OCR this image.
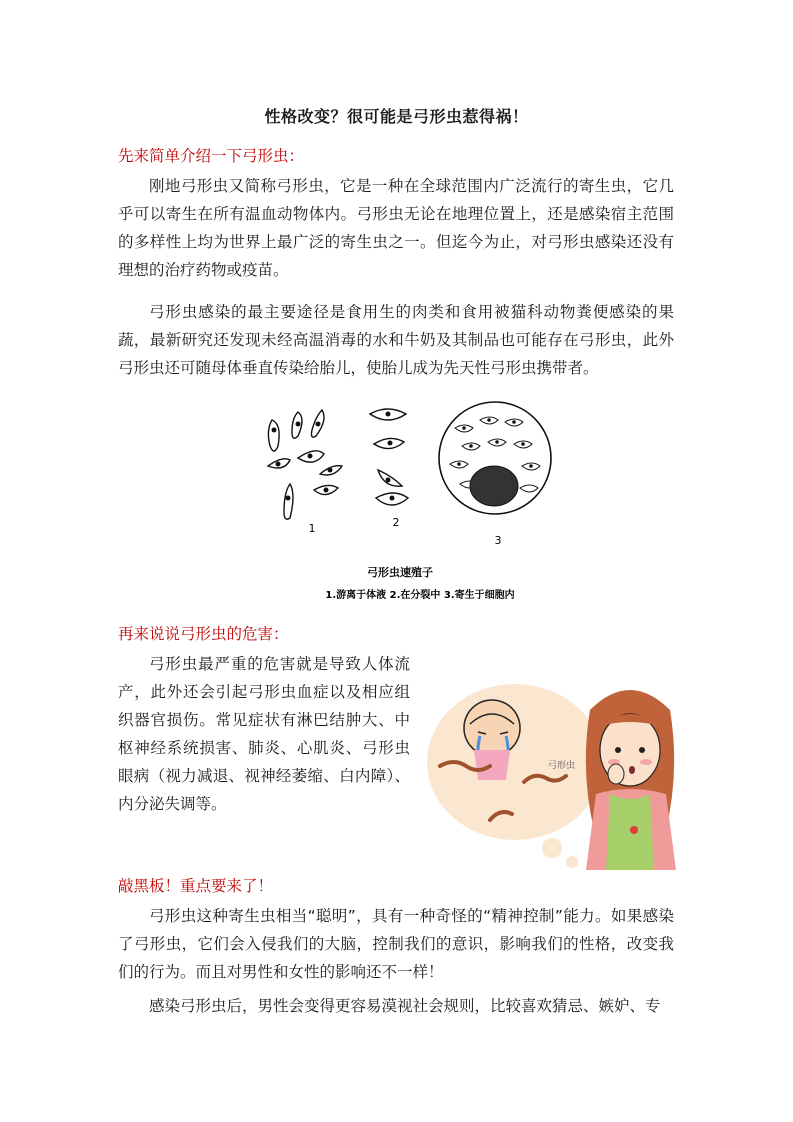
性格改变？很可能是弓形虫惹得祸！
先来简单介绍一下弓形虫：
刚地弓形虫又简称弓形虫，它是一种在全球范围内广泛流行的寄生虫，它几乎可以寄生在所有温血动物体内。弓形虫无论在地理位置上，还是感染宿主范围的多样性上均为世界上最广泛的寄生虫之一。但迄今为止，对弓形虫感染还没有理想的治疗药物或疫苗。
弓形虫感染的最主要途径是食用生的肉类和食用被猫科动物粪便感染的果蔬，最新研究还发现未经高温消毒的水和牛奶及其制品也可能存在弓形虫，此外弓形虫还可随母体垂直传染给胎儿，使胎儿成为先天性弓形虫携带者。
1	2
3
弓形虫速殖子
1.游离于体液 2.在分裂中 3.寄生于细胞内
再来说说弓形虫的危害：
弓形虫最严重的危害就是导致人体流产，此外还会引起弓形虫血症以及相应组织器官损伤。常见症状有淋巴结肿大、中枢神经系统损害、肺炎、心肌炎、弓形虫眼病（视力减退、视神经萎缩、白内障）、内分泌失调等。
弓形虫
敲黑板！重点要来了！
弓形虫这种寄生虫相当“聪明”，具有一种奇怪的“精神控制”能力。如果感染了弓形虫，它们会入侵我们的大脑，控制我们的意识，影响我们的性格，改变我们的行为。而且对男性和女性的影响还不一样！
感染弓形虫后，男性会变得更容易漠视社会规则，比较喜欢猜忌、嫉妒、专
